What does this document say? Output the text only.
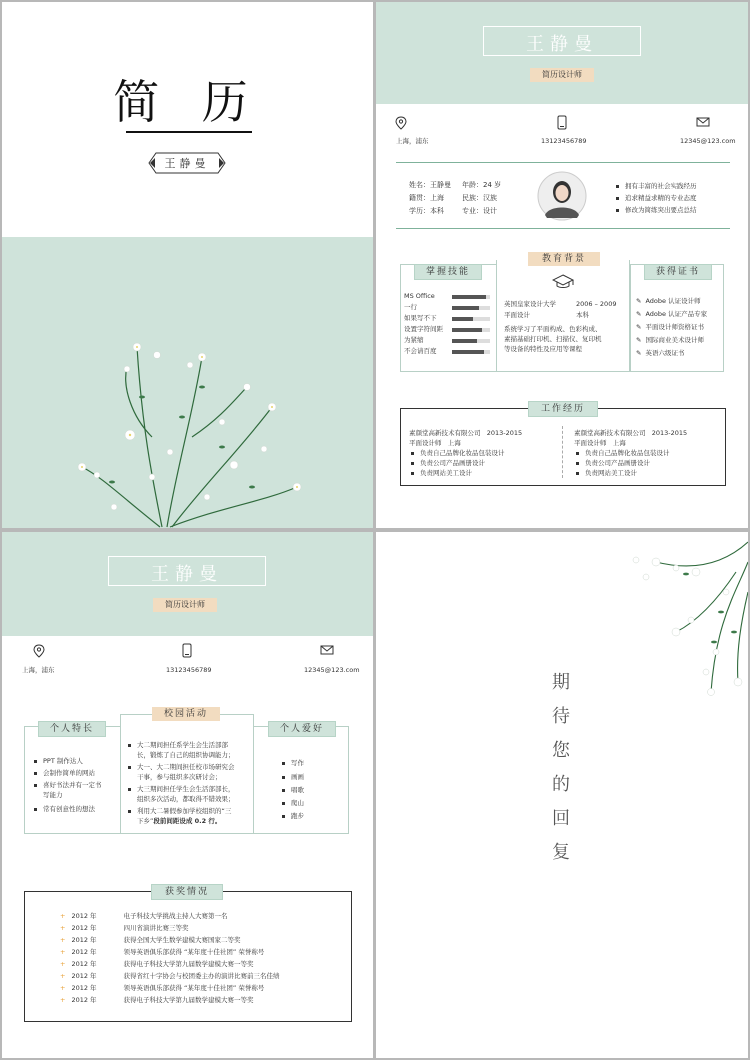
简 历
王静曼
王静曼
简历设计师
上海，浦东	13123456789	12345@123.com
姓名：王静曼
籍贯：上海
学历：本科
年龄：24 岁
民族：汉族
专业：设计
拥有丰富的社会实践经历
追求精益求精的专业态度
修改为简练突出要点总结
掌握技能
教育背景
获得证书
MS Office
一行
如果写不下
设置字符间距
为紧缩
不会请百度
英国皇家设计大学	2006 – 2009
平面设计	本科
系统学习了平面构成、色彩构成、
素描基础打印机、扫描仪、复印机
等设备的特性及应用等课程
✎ Adobe 认证设计师
✎ Adobe 认证产品专家
✎ 平面设计师资格证书
✎ 国际商业美术设计师
✎ 英语六级证书
工作经历
素颜堂高新技术有限公司 2013-2015
平面设计师 上海
负责自己品牌化妆品包装设计
负责公司产品画册设计
负责网站美工设计
素颜堂高新技术有限公司 2013-2015
平面设计师 上海
负责自己品牌化妆品包装设计
负责公司产品画册设计
负责网站美工设计
王静曼
简历设计师
上海，浦东	13123456789	12345@123.com
个人特长
校园活动
个人爱好
PPT 制作达人
会制作简单的网站
喜好书法并有一定书
写能力
常有创意性的想法
大二期间担任系学生会生活部部
长，锻炼了自己的组织协调能力；
大一、大二期间担任校市场研究会
干事，参与组织多次研讨会；
大三期间担任学生会生活部部长，
组织多次活动，都取得不错效果；
利用大二暑假参加学校组织的“三
下乡”段前间距设成 0.2 行。
写作
画画
唱歌
爬山
跑步
获奖情况
+ 2012 年	电子科技大学挑战主持人大赛第一名
+ 2012 年	四川省演讲比赛三等奖
+ 2012 年	获得全国大学生数学建模大赛国家二等奖
+ 2012 年	领导英语俱乐部获得 “某年度十佳社团” 荣誉称号
+ 2012 年	获得电子科技大学第九届数学建模大赛一等奖
+ 2012 年	获得省红十字协会与校团委主办的演讲比赛前三名佳绩
+ 2012 年	领导英语俱乐部获得 “某年度十佳社团” 荣誉称号
+ 2012 年	获得电子科技大学第九届数学建模大赛一等奖
期
待
您
的
回
复
